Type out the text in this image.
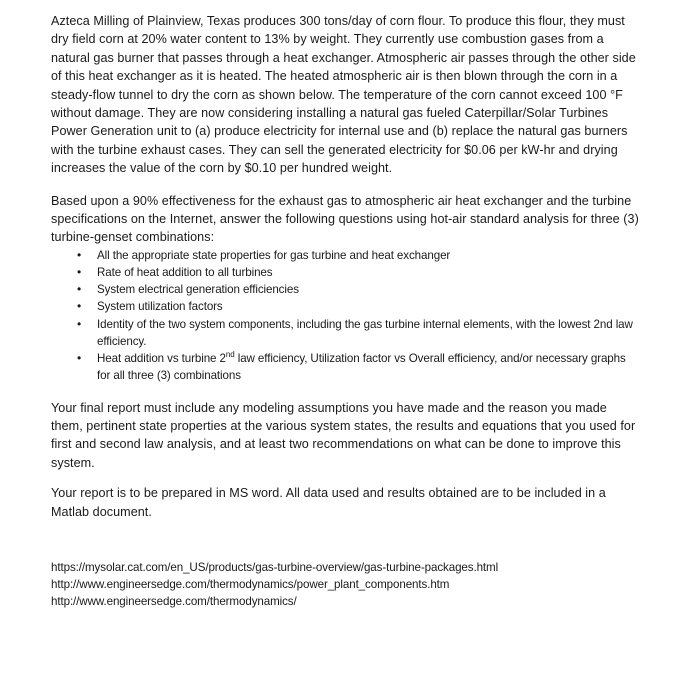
Azteca Milling of Plainview, Texas produces 300 tons/day of corn flour. To produce this flour, they must dry field corn at 20% water content to 13% by weight. They currently use combustion gases from a natural gas burner that passes through a heat exchanger. Atmospheric air passes through the other side of this heat exchanger as it is heated. The heated atmospheric air is then blown through the corn in a steady-flow tunnel to dry the corn as shown below. The temperature of the corn cannot exceed 100 °F without damage. They are now considering installing a natural gas fueled Caterpillar/Solar Turbines Power Generation unit to (a) produce electricity for internal use and (b) replace the natural gas burners with the turbine exhaust cases. They can sell the generated electricity for $0.06 per kW-hr and drying increases the value of the corn by $0.10 per hundred weight.

Based upon a 90% effectiveness for the exhaust gas to atmospheric air heat exchanger and the turbine specifications on the Internet, answer the following questions using hot-air standard analysis for three (3) turbine-genset combinations:

• All the appropriate state properties for gas turbine and heat exchanger
• Rate of heat addition to all turbines
• System electrical generation efficiencies
• System utilization factors
• Identity of the two system components, including the gas turbine internal elements, with the lowest 2nd law efficiency.
• Heat addition vs turbine 2nd law efficiency, Utilization factor vs Overall efficiency, and/or necessary graphs for all three (3) combinations

Your final report must include any modeling assumptions you have made and the reason you made them, pertinent state properties at the various system states, the results and equations that you used for first and second law analysis, and at least two recommendations on what can be done to improve this system.

Your report is to be prepared in MS word. All data used and results obtained are to be included in a Matlab document.

https://mysolar.cat.com/en_US/products/gas-turbine-overview/gas-turbine-packages.html
http://www.engineersedge.com/thermodynamics/power_plant_components.htm
http://www.engineersedge.com/thermodynamics/
